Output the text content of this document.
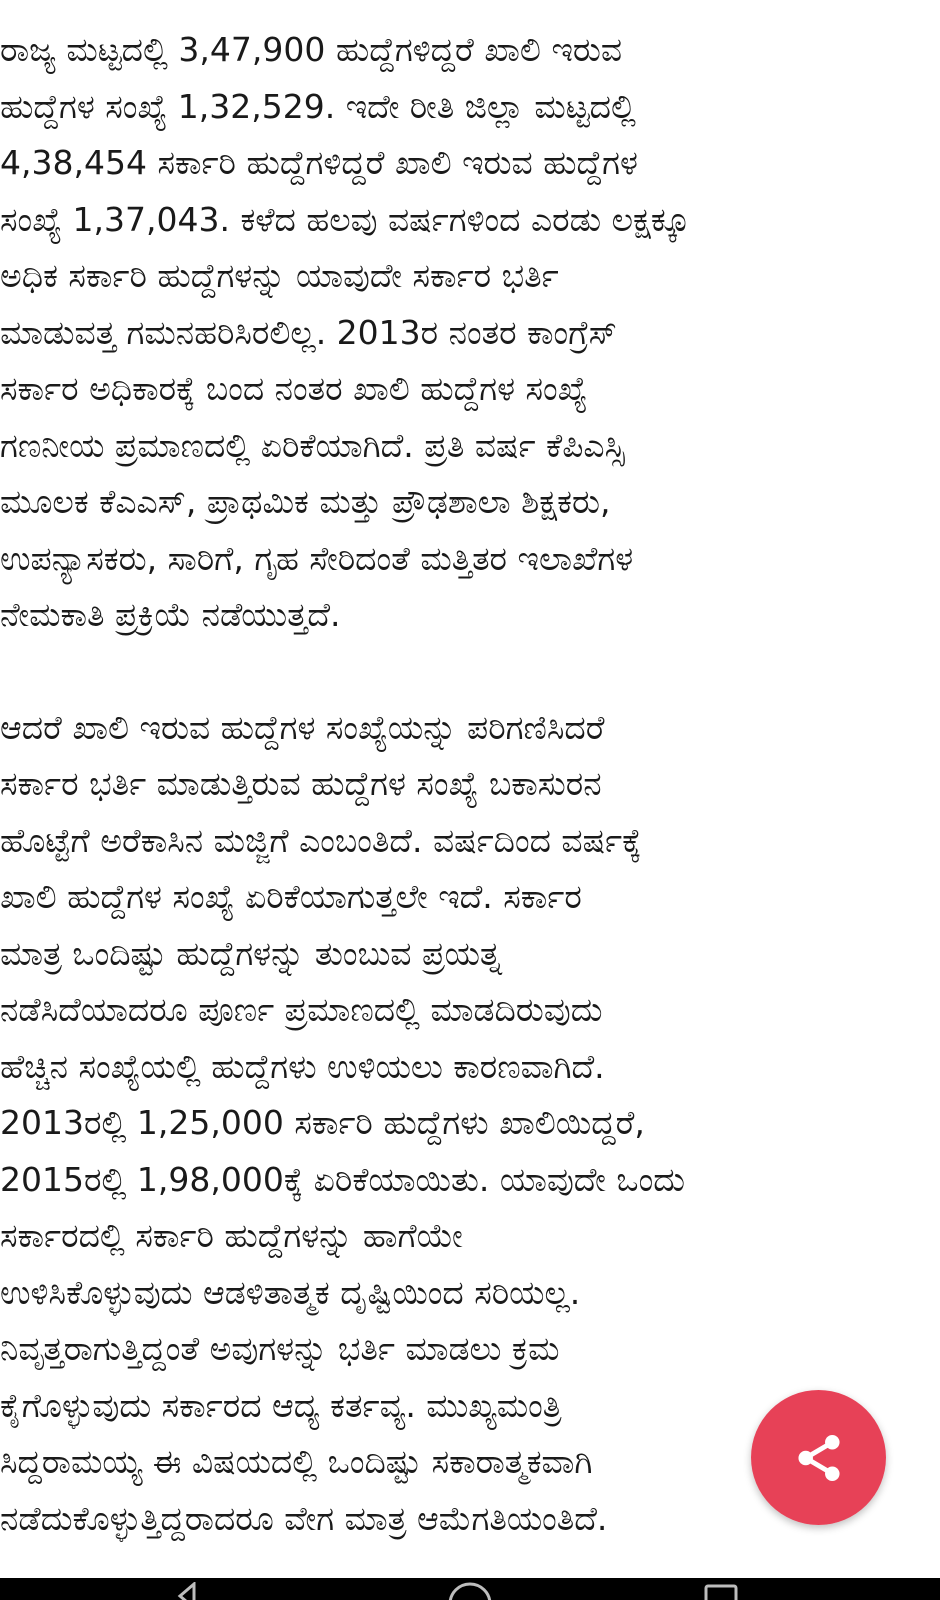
ರಾಜ್ಯ ಮಟ್ಟದಲ್ಲಿ 3,47,900 ಹುದ್ದೆಗಳಿದ್ದರೆ ಖಾಲಿ ಇರುವ
ಹುದ್ದೆಗಳ ಸಂಖ್ಯೆ 1,32,529. ಇದೇ ರೀತಿ ಜಿಲ್ಲಾ ಮಟ್ಟದಲ್ಲಿ
4,38,454 ಸರ್ಕಾರಿ ಹುದ್ದೆಗಳಿದ್ದರೆ ಖಾಲಿ ಇರುವ ಹುದ್ದೆಗಳ
ಸಂಖ್ಯೆ 1,37,043. ಕಳೆದ ಹಲವು ವರ್ಷಗಳಿಂದ ಎರಡು ಲಕ್ಷಕ್ಕೂ
ಅಧಿಕ ಸರ್ಕಾರಿ ಹುದ್ದೆಗಳನ್ನು ಯಾವುದೇ ಸರ್ಕಾರ ಭರ್ತಿ
ಮಾಡುವತ್ತ ಗಮನಹರಿಸಿರಲಿಲ್ಲ. 2013ರ ನಂತರ ಕಾಂಗ್ರೆಸ್
ಸರ್ಕಾರ ಅಧಿಕಾರಕ್ಕೆ ಬಂದ ನಂತರ ಖಾಲಿ ಹುದ್ದೆಗಳ ಸಂಖ್ಯೆ
ಗಣನೀಯ ಪ್ರಮಾಣದಲ್ಲಿ ಏರಿಕೆಯಾಗಿದೆ. ಪ್ರತಿ ವರ್ಷ ಕೆಪಿಎಸ್ಸಿ
ಮೂಲಕ ಕೆಎಎಸ್, ಪ್ರಾಥಮಿಕ ಮತ್ತು ಪ್ರೌಢಶಾಲಾ ಶಿಕ್ಷಕರು,
ಉಪನ್ಯಾಸಕರು, ಸಾರಿಗೆ, ಗೃಹ ಸೇರಿದಂತೆ ಮತ್ತಿತರ ಇಲಾಖೆಗಳ
ನೇಮಕಾತಿ ಪ್ರಕ್ರಿಯೆ ನಡೆಯುತ್ತದೆ.

ಆದರೆ ಖಾಲಿ ಇರುವ ಹುದ್ದೆಗಳ ಸಂಖ್ಯೆಯನ್ನು ಪರಿಗಣಿಸಿದರೆ
ಸರ್ಕಾರ ಭರ್ತಿ ಮಾಡುತ್ತಿರುವ ಹುದ್ದೆಗಳ ಸಂಖ್ಯೆ ಬಕಾಸುರನ
ಹೊಟ್ಟೆಗೆ ಅರೆಕಾಸಿನ ಮಜ್ಜಿಗೆ ಎಂಬಂತಿದೆ. ವರ್ಷದಿಂದ ವರ್ಷಕ್ಕೆ
ಖಾಲಿ ಹುದ್ದೆಗಳ ಸಂಖ್ಯೆ ಏರಿಕೆಯಾಗುತ್ತಲೇ ಇದೆ. ಸರ್ಕಾರ
ಮಾತ್ರ ಒಂದಿಷ್ಟು ಹುದ್ದೆಗಳನ್ನು ತುಂಬುವ ಪ್ರಯತ್ನ
ನಡೆಸಿದೆಯಾದರೂ ಪೂರ್ಣ ಪ್ರಮಾಣದಲ್ಲಿ ಮಾಡದಿರುವುದು
ಹೆಚ್ಚಿನ ಸಂಖ್ಯೆಯಲ್ಲಿ ಹುದ್ದೆಗಳು ಉಳಿಯಲು ಕಾರಣವಾಗಿದೆ.
2013ರಲ್ಲಿ 1,25,000 ಸರ್ಕಾರಿ ಹುದ್ದೆಗಳು ಖಾಲಿಯಿದ್ದರೆ,
2015ರಲ್ಲಿ 1,98,000ಕ್ಕೆ ಏರಿಕೆಯಾಯಿತು. ಯಾವುದೇ ಒಂದು
ಸರ್ಕಾರದಲ್ಲಿ ಸರ್ಕಾರಿ ಹುದ್ದೆಗಳನ್ನು ಹಾಗೆಯೇ
ಉಳಿಸಿಕೊಳ್ಳುವುದು ಆಡಳಿತಾತ್ಮಕ ದೃಷ್ಟಿಯಿಂದ ಸರಿಯಲ್ಲ.
ನಿವೃತ್ತರಾಗುತ್ತಿದ್ದಂತೆ ಅವುಗಳನ್ನು ಭರ್ತಿ ಮಾಡಲು ಕ್ರಮ
ಕೈಗೊಳ್ಳುವುದು ಸರ್ಕಾರದ ಆದ್ಯ ಕರ್ತವ್ಯ. ಮುಖ್ಯಮಂತ್ರಿ
ಸಿದ್ದರಾಮಯ್ಯ ಈ ವಿಷಯದಲ್ಲಿ ಒಂದಿಷ್ಟು ಸಕಾರಾತ್ಮಕವಾಗಿ
ನಡೆದುಕೊಳ್ಳುತ್ತಿದ್ದರಾದರೂ ವೇಗ ಮಾತ್ರ ಆಮೆಗತಿಯಂತಿದೆ.
